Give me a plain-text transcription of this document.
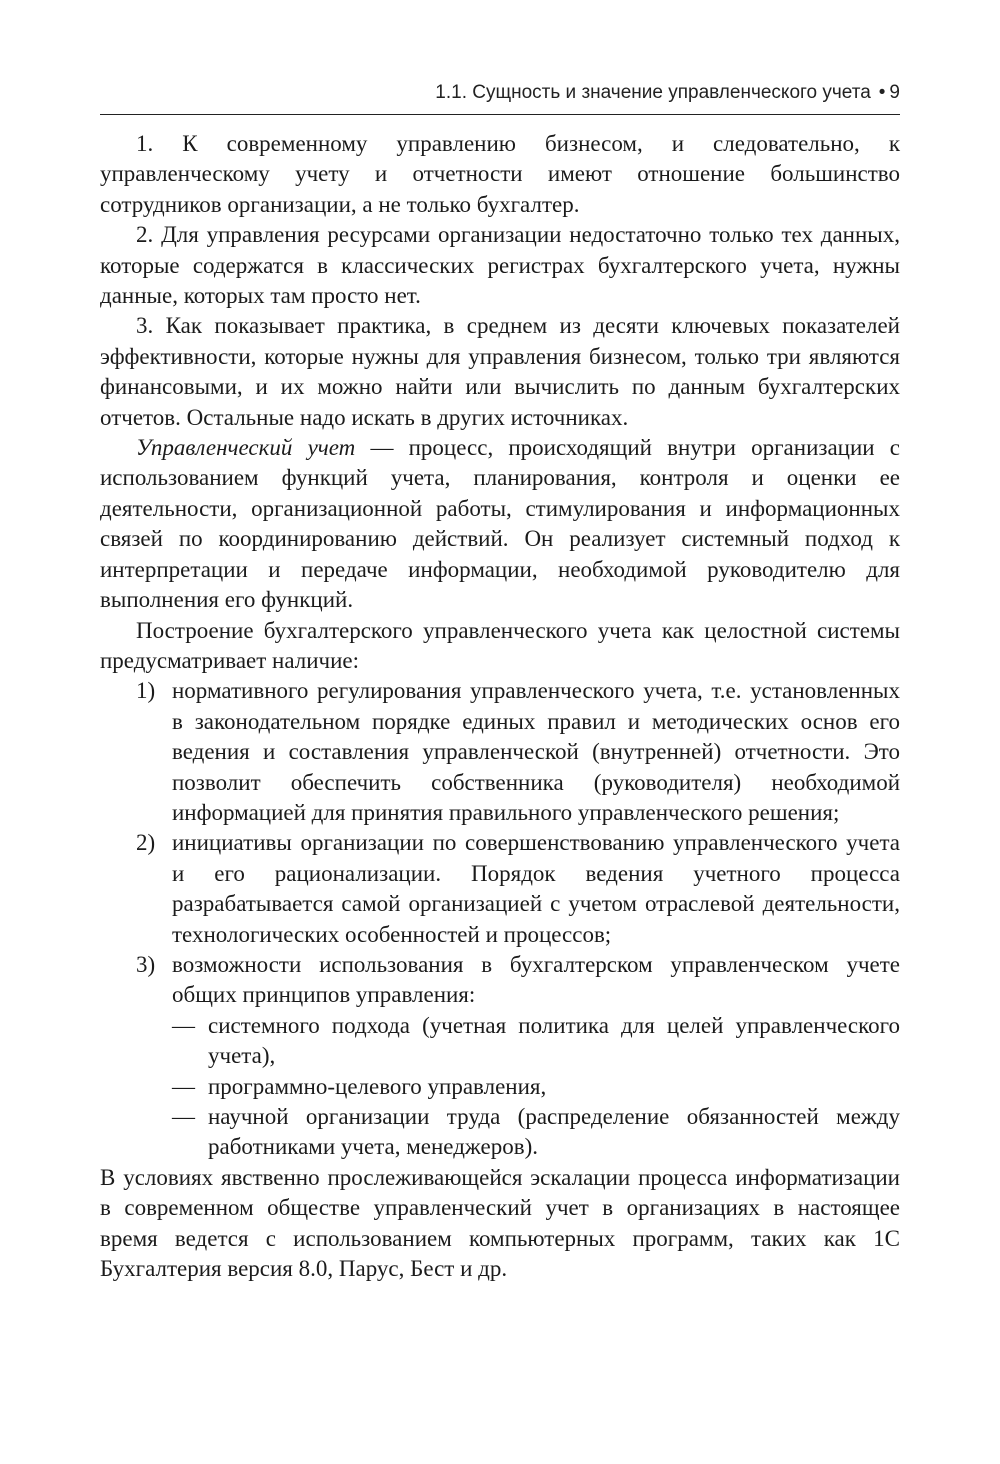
1.1. Сущность и значение управленческого учета • 9

1. К современному управлению бизнесом, и следовательно, к управленческому учету и отчетности имеют отношение большинство сотрудников организации, а не только бухгалтер.

2. Для управления ресурсами организации недостаточно только тех данных, которые содержатся в классических регистрах бухгалтерского учета, нужны данные, которых там просто нет.

3. Как показывает практика, в среднем из десяти ключевых показателей эффективности, которые нужны для управления бизнесом, только три являются финансовыми, и их можно найти или вычислить по данным бухгалтерских отчетов. Остальные надо искать в других источниках.

Управленческий учет — процесс, происходящий внутри организации с использованием функций учета, планирования, контроля и оценки ее деятельности, организационной работы, стимулирования и информационных связей по координированию действий. Он реализует системный подход к интерпретации и передаче информации, необходимой руководителю для выполнения его функций.

Построение бухгалтерского управленческого учета как целостной системы предусматривает наличие:

1) нормативного регулирования управленческого учета, т.е. установленных в законодательном порядке единых правил и методических основ его ведения и составления управленческой (внутренней) отчетности. Это позволит обеспечить собственника (руководителя) необходимой информацией для принятия правильного управленческого решения;
2) инициативы организации по совершенствованию управленческого учета и его рационализации. Порядок ведения учетного процесса разрабатывается самой организацией с учетом отраслевой деятельности, технологических особенностей и процессов;
3) возможности использования в бухгалтерском управленческом учете общих принципов управления:
— системного подхода (учетная политика для целей управленческого учета),
— программно-целевого управления,
— научной организации труда (распределение обязанностей между работниками учета, менеджеров).

В условиях явственно прослеживающейся эскалации процесса информатизации в современном обществе управленческий учет в организациях в настоящее время ведется с использованием компьютерных программ, таких как 1С Бухгалтерия версия 8.0, Парус, Бест и др.
